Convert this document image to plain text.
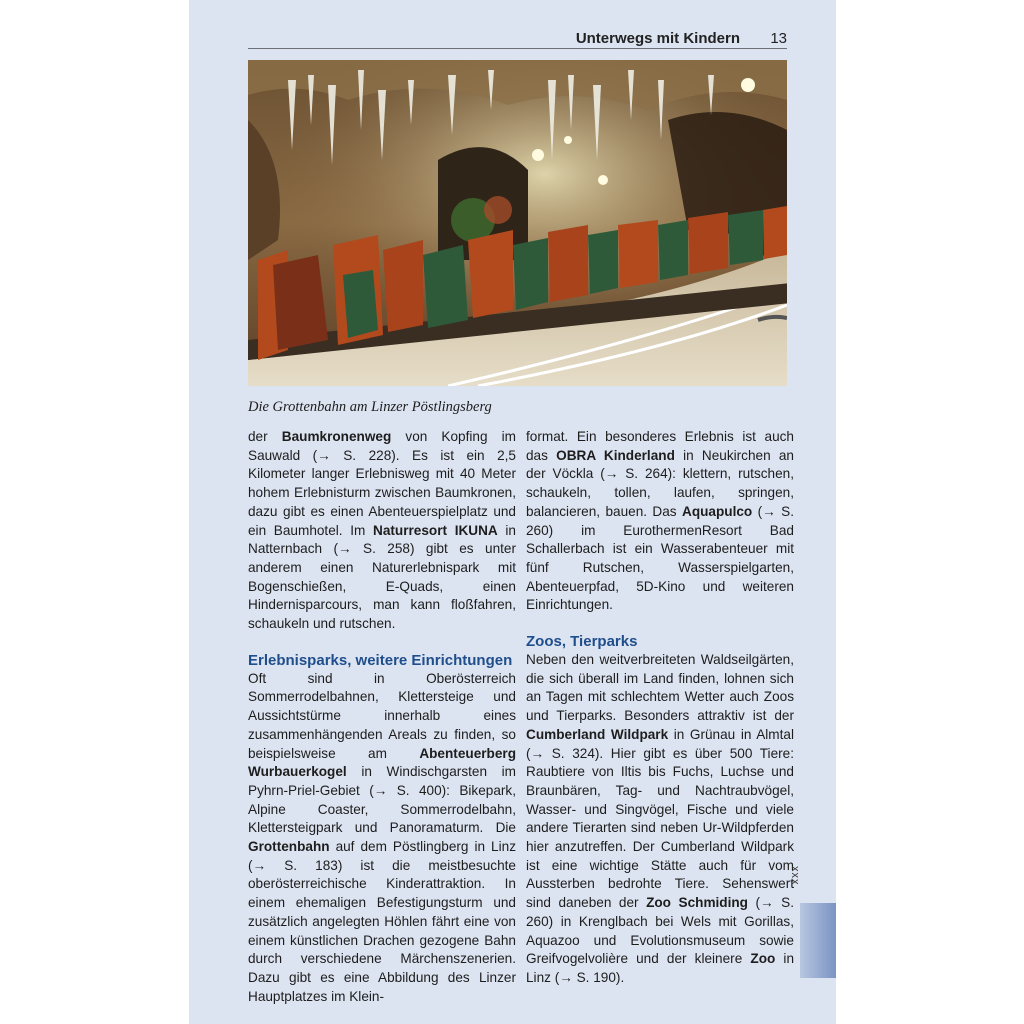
Unterwegs mit Kindern 13
Die Grottenbahn am Linzer Pöstlingsberg

der Baumkronenweg von Kopfing im Sauwald (→ S. 228). Es ist ein 2,5 Kilometer langer Erlebnisweg mit 40 Meter hohem Erlebnisturm zwischen Baumkronen, dazu gibt es einen Abenteuerspielplatz und ein Baumhotel. Im Naturresort IKUNA in Natternbach (→ S. 258) gibt es unter anderem einen Naturerlebnispark mit Bogenschießen, E-Quads, einen Hindernisparcours, man kann floßfahren, schaukeln und rutschen.

Erlebnisparks, weitere Einrichtungen

Oft sind in Oberösterreich Sommerrodelbahnen, Klettersteige und Aussichtstürme innerhalb eines zusammenhängenden Areals zu finden, so beispielsweise am Abenteuerberg Wurbauerkogel in Windischgarsten im Pyhrn-Priel-Gebiet (→ S. 400): Bikepark, Alpine Coaster, Sommerrodelbahn, Klettersteigpark und Panoramaturm. Die Grottenbahn auf dem Pöstlingberg in Linz (→ S. 183) ist die meistbesuchte oberösterreichische Kinderattraktion. In einem ehemaligen Befestigungsturm und zusätzlich angelegten Höhlen fährt eine von einem künstlichen Drachen gezogene Bahn durch verschiedene Märchenszenerien. Dazu gibt es eine Abbildung des Linzer Hauptplatzes im Klein-

format. Ein besonderes Erlebnis ist auch das OBRA Kinderland in Neukirchen an der Vöckla (→ S. 264): klettern, rutschen, schaukeln, tollen, laufen, springen, balancieren, bauen. Das Aquapulco (→ S. 260) im EurothermenResort Bad Schallerbach ist ein Wasserabenteuer mit fünf Rutschen, Wasserspielgarten, Abenteuerpfad, 5D-Kino und weiteren Einrichtungen.

Zoos, Tierparks

Neben den weitverbreiteten Waldseilgärten, die sich überall im Land finden, lohnen sich an Tagen mit schlechtem Wetter auch Zoos und Tierparks. Besonders attraktiv ist der Cumberland Wildpark in Grünau in Almtal (→ S. 324). Hier gibt es über 500 Tiere: Raubtiere von Iltis bis Fuchs, Luchse und Braunbären, Tag- und Nachtraubvögel, Wasser- und Singvögel, Fische und viele andere Tierarten sind neben Ur-Wildpferden hier anzutreffen. Der Cumberland Wildpark ist eine wichtige Stätte auch für vom Aussterben bedrohte Tiere. Sehenswert sind daneben der Zoo Schmiding (→ S. 260) in Krenglbach bei Wels mit Gorillas, Aquazoo und Evolutionsmuseum sowie Greifvogelvolière und der kleinere Zoo in Linz (→ S. 190).

xxx
